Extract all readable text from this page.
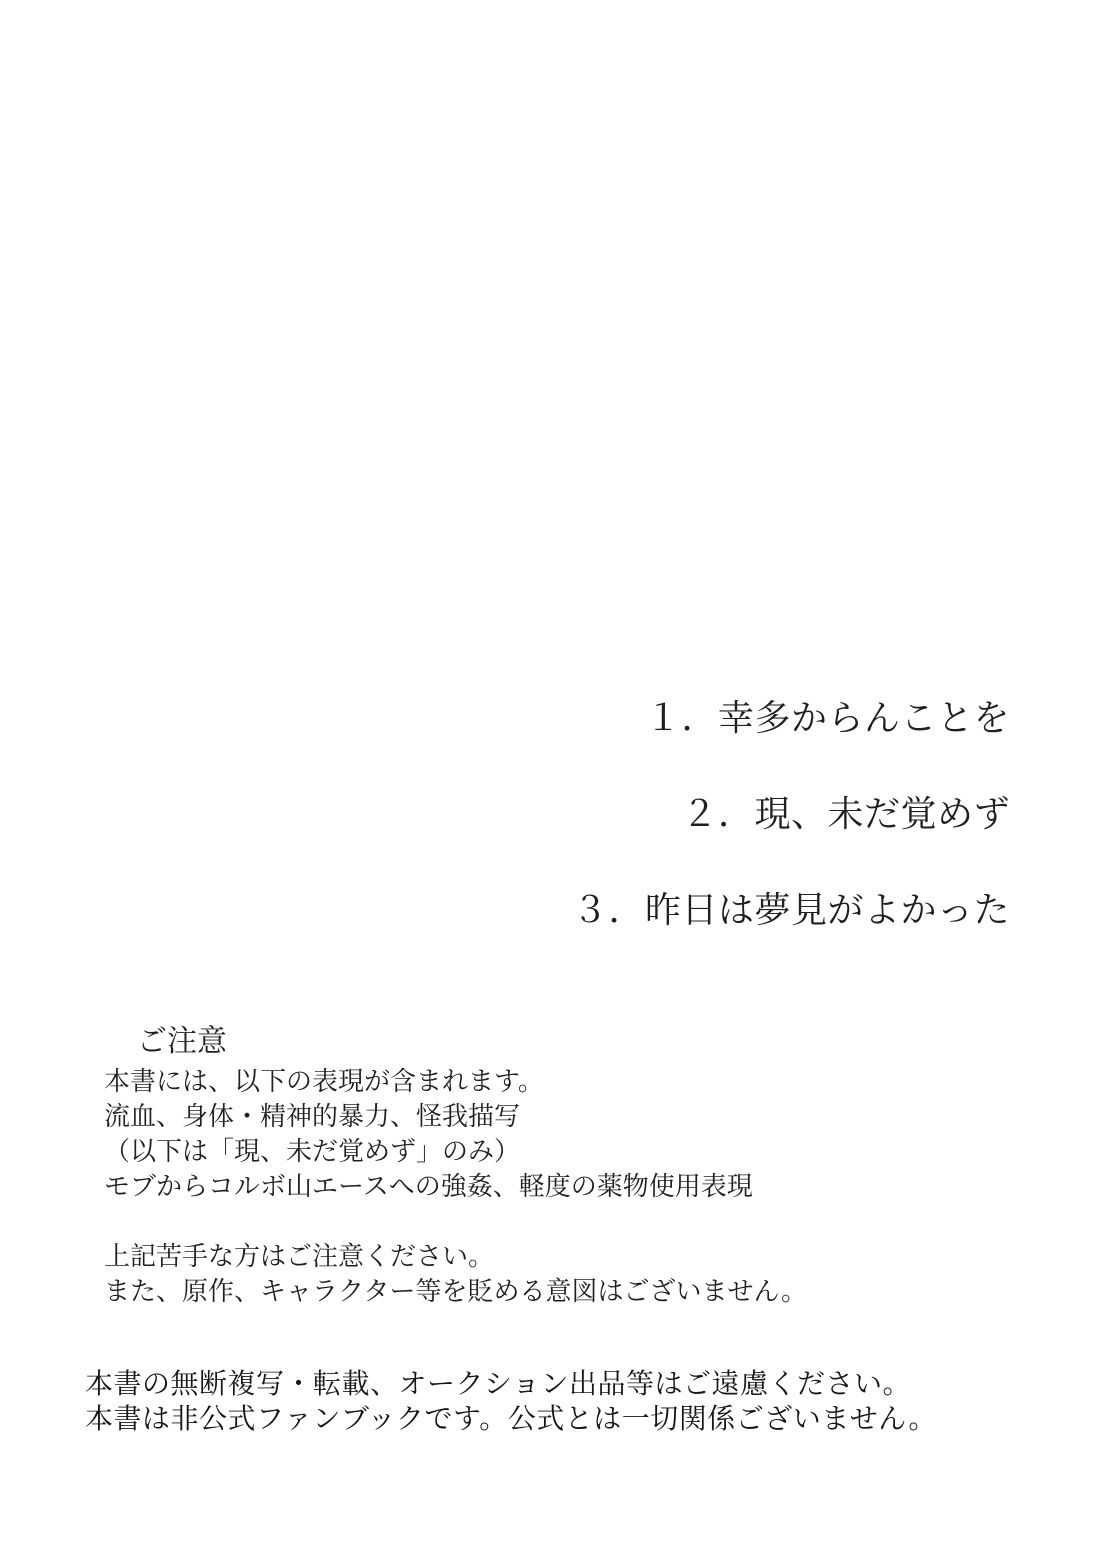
１．幸多からんことを
２．現、未だ覚めず
３．昨日は夢見がよかった
ご注意
本書には、以下の表現が含まれます。
流血、身体・精神的暴力、怪我描写
（以下は「現、未だ覚めず」のみ）
モブからコルボ山エースへの強姦、軽度の薬物使用表現
上記苦手な方はご注意ください。
また、原作、キャラクター等を貶める意図はございません。
本書の無断複写・転載、オークション出品等はご遠慮ください。
本書は非公式ファンブックです。公式とは一切関係ございません。
